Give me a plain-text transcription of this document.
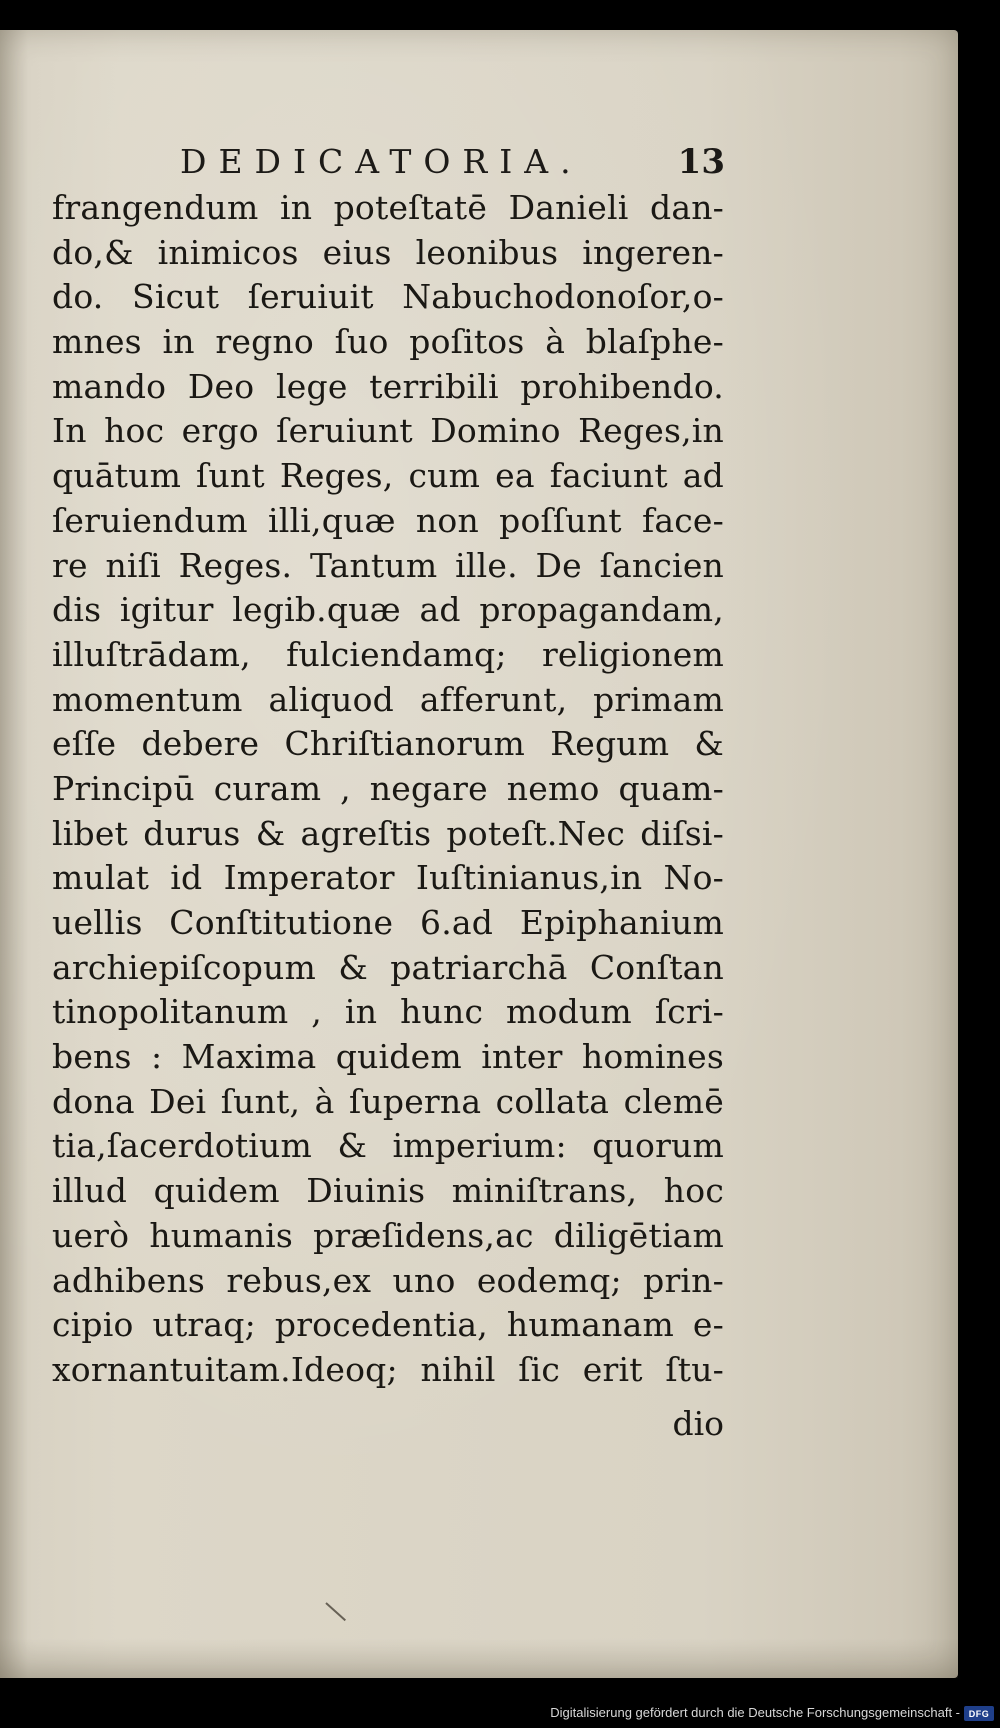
DEDICATORIA.	13
frangendum in poteſtatē Danieli dan-
do,& inimicos eius leonibus ingeren-
do. Sicut ſeruiuit Nabuchodonoſor,o-
mnes in regno ſuo poſitos à blaſphe-
mando Deo lege terribili prohibendo.
In hoc ergo ſeruiunt Domino Reges,in
quātum ſunt Reges, cum ea faciunt ad
ſeruiendum illi,quæ non poſſunt face-
re niſi Reges. Tantum ille. De ſancien
dis igitur legib.quæ ad propagandam,
illuſtrādam, fulciendamq; religionem
momentum aliquod afferunt, primam
eſſe debere Chriſtianorum Regum &
Principū curam , negare nemo quam-
libet durus & agreſtis poteſt.Nec diſsi-
mulat id Imperator Iuſtinianus,in No-
uellis Conſtitutione 6.ad Epiphanium
archiepiſcopum & patriarchā Conſtan
tinopolitanum , in hunc modum ſcri-
bens : Maxima quidem inter homines
dona Dei ſunt, à ſuperna collata clemē
tia,ſacerdotium & imperium: quorum
illud quidem Diuinis miniſtrans, hoc
uerò humanis præſidens,ac diligētiam
adhibens rebus,ex uno eodemq; prin-
cipio utraq; procedentia, humanam e-
xornantuitam.Ideoq; nihil ſic erit ſtu-
dio
Digitalisierung gefördert durch die Deutsche Forschungsgemeinschaft - DFG
